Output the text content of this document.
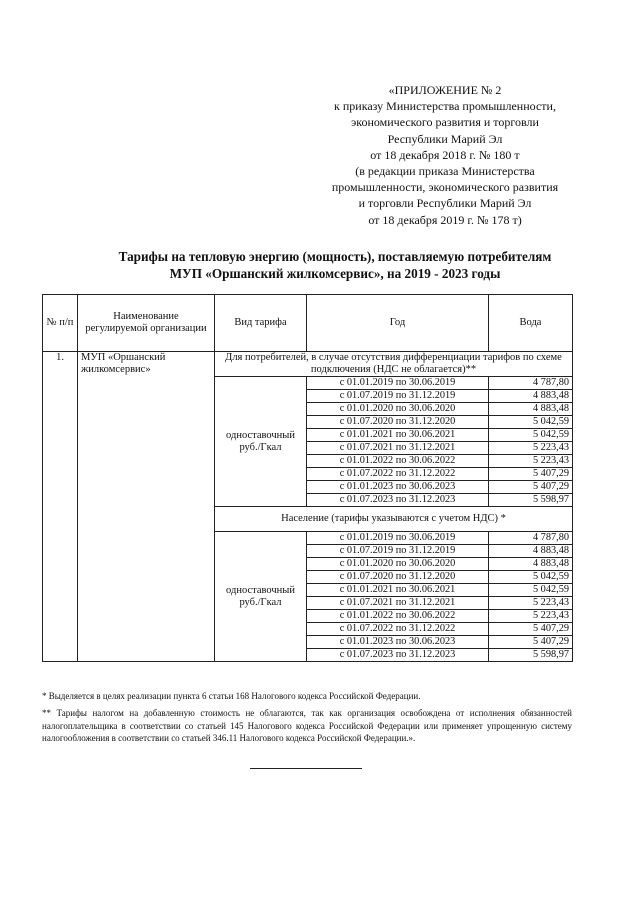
«ПРИЛОЖЕНИЕ № 2
к приказу Министерства промышленности,
экономического развития и торговли
Республики Марий Эл
от 18 декабря 2018 г. № 180 т
(в редакции приказа Министерства
промышленности, экономического развития
и торговли Республики Марий Эл
от 18 декабря 2019 г. № 178 т)
Тарифы на тепловую энергию (мощность), поставляемую потребителям
МУП «Оршанский жилкомсервис», на 2019 - 2023 годы
№ п/п	Наименование регулируемой организации	Вид тарифа	Год	Вода
1.	МУП «Оршанский жилкомсервис»	Для потребителей, в случае отсутствия дифференциации тарифов по схеме подключения (НДС не облагается)**		
		одноставочный руб./Гкал	с 01.01.2019 по 30.06.2019	4 787,80
			с 01.07.2019 по 31.12.2019	4 883,48
			с 01.01.2020 по 30.06.2020	4 883,48
			с 01.07.2020 по 31.12.2020	5 042,59
			с 01.01.2021 по 30.06.2021	5 042,59
			с 01.07.2021 по 31.12.2021	5 223,43
			с 01.01.2022 по 30.06.2022	5 223,43
			с 01.07.2022 по 31.12.2022	5 407,29
			с 01.01.2023 по 30.06.2023	5 407,29
			с 01.07.2023 по 31.12.2023	5 598,97
		Население (тарифы указываются с учетом НДС) *		
		одноставочный руб./Гкал	с 01.01.2019 по 30.06.2019	4 787,80
			с 01.07.2019 по 31.12.2019	4 883,48
			с 01.01.2020 по 30.06.2020	4 883,48
			с 01.07.2020 по 31.12.2020	5 042,59
			с 01.01.2021 по 30.06.2021	5 042,59
			с 01.07.2021 по 31.12.2021	5 223,43
			с 01.01.2022 по 30.06.2022	5 223,43
			с 01.07.2022 по 31.12.2022	5 407,29
			с 01.01.2023 по 30.06.2023	5 407,29
			с 01.07.2023 по 31.12.2023	5 598,97
* Выделяется в целях реализации пункта 6 статьи 168 Налогового кодекса Российской Федерации.
** Тарифы налогом на добавленную стоимость не облагаются, так как организация освобождена от исполнения обязанностей налогоплательщика в соответствии со статьей 145 Налогового кодекса Российской Федерации или применяет упрощенную систему налогообложения в соответствии со статьей 346.11 Налогового кодекса Российской Федерации.».
